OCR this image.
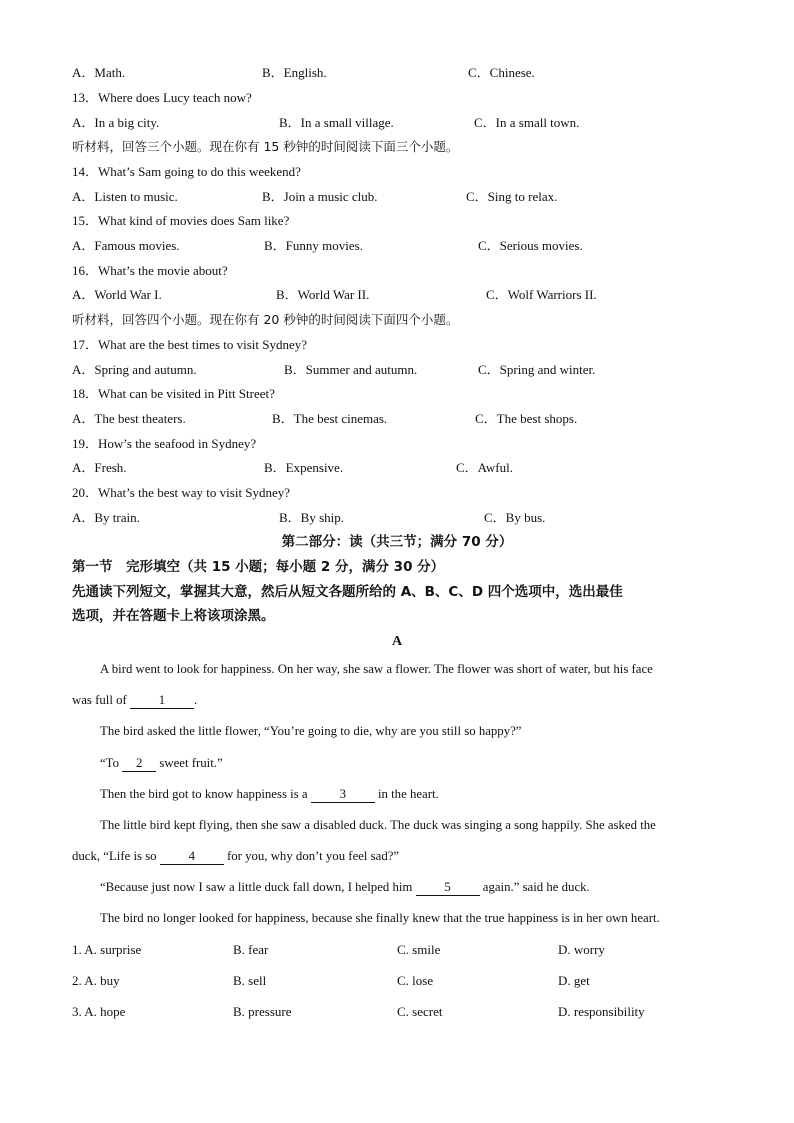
A．Math.	B．English.	C．Chinese.
13．Where does Lucy teach now?
A．In a big city.	B．In a small village.	C．In a small town.
听材料，回答三个小题。现在你有 15 秒钟的时间阅读下面三个小题。
14．What’s Sam going to do this weekend?
A．Listen to music.	B．Join a music club.	C．Sing to relax.
15．What kind of movies does Sam like?
A．Famous movies.	B．Funny movies.	C．Serious movies.
16．What’s the movie about?
A．World War I.	B．World War II.	C．Wolf Warriors II.
听材料，回答四个小题。现在你有 20 秒钟的时间阅读下面四个小题。
17．What are the best times to visit Sydney?
A．Spring and autumn.	B．Summer and autumn.	C．Spring and winter.
18．What can be visited in Pitt Street?
A．The best theaters.	B．The best cinemas.	C．The best shops.
19．How’s the seafood in Sydney?
A．Fresh.	B．Expensive.	C．Awful.
20．What’s the best way to visit Sydney?
A．By train.	B．By ship.	C．By bus.
第二部分：读（共三节；满分 70 分）
第一节　完形填空（共 15 小题；每小题 2 分，满分 30 分）
先通读下列短文，掌握其大意，然后从短文各题所给的 A、B、C、D 四个选项中，选出最佳
选项，并在答题卡上将该项涂黑。
A
A bird went to look for happiness. On her way, she saw a flower. The flower was short of water, but his face
was full of 1 .
The bird asked the little flower, “You’re going to die, why are you still so happy?”
“To 2 sweet fruit.”
Then the bird got to know happiness is a 3 in the heart.
The little bird kept flying, then she saw a disabled duck. The duck was singing a song happily. She asked the
duck, “Life is so 4 for you, why don’t you feel sad?”
“Because just now I saw a little duck fall down, I helped him 5 again.” said he duck.
The bird no longer looked for happiness, because she finally knew that the true happiness is in her own heart.
1. A. surprise	B. fear	C. smile	D. worry
2. A. buy	B. sell	C. lose	D. get
3. A. hope	B. pressure	C. secret	D. responsibility
